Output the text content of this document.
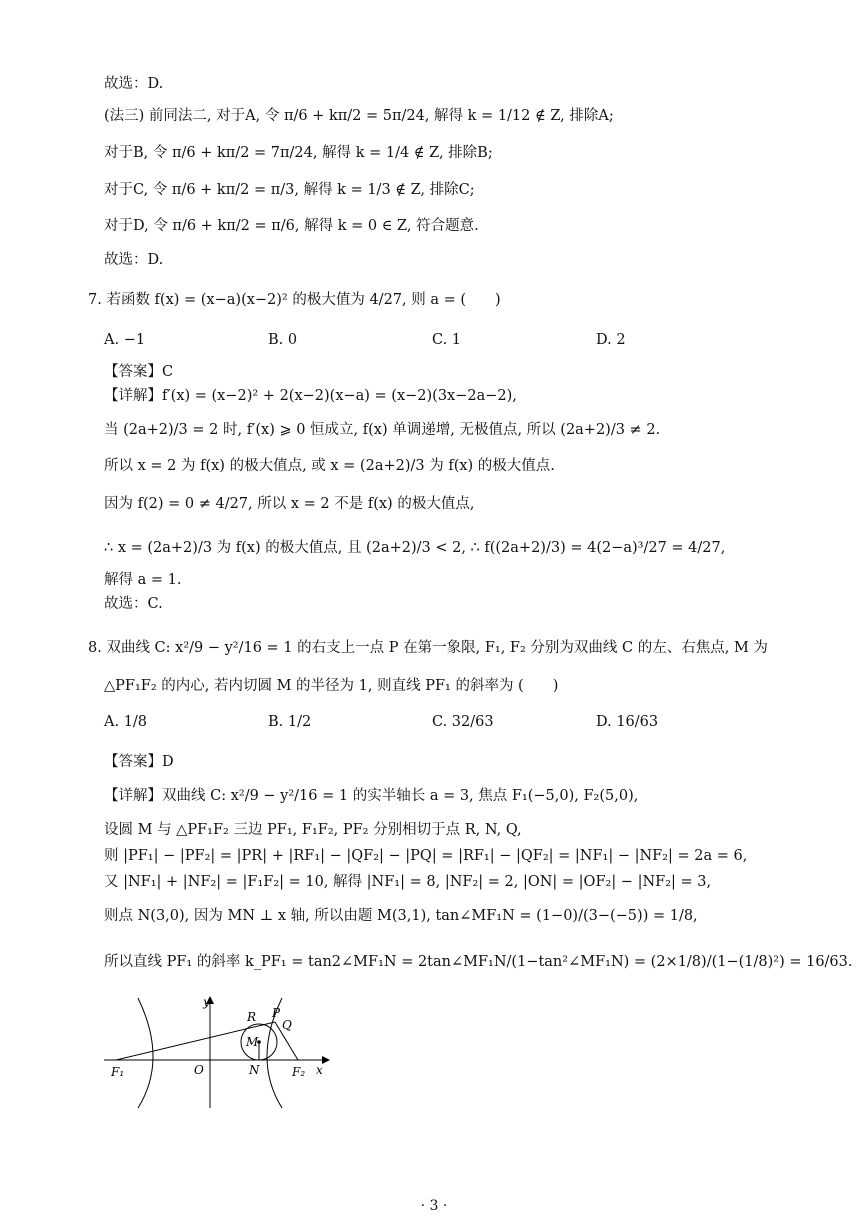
故选：D.
(法三) 前同法二, 对于A, 令 π/6 + kπ/2 = 5π/24, 解得 k = 1/12 ∉ Z, 排除A;
对于B, 令 π/6 + kπ/2 = 7π/24, 解得 k = 1/4 ∉ Z, 排除B;
对于C, 令 π/6 + kπ/2 = π/3, 解得 k = 1/3 ∉ Z, 排除C;
对于D, 令 π/6 + kπ/2 = π/6, 解得 k = 0 ∈ Z, 符合题意.
故选：D.
7. 若函数 f(x) = (x−a)(x−2)² 的极大值为 4/27, 则 a = (　　)
A. −1	B. 0	C. 1	D. 2
【答案】C
【详解】f′(x) = (x−2)² + 2(x−2)(x−a) = (x−2)(3x−2a−2),
当 (2a+2)/3 = 2 时, f′(x) ⩾ 0 恒成立, f(x) 单调递增, 无极值点, 所以 (2a+2)/3 ≠ 2.
所以 x = 2 为 f(x) 的极大值点, 或 x = (2a+2)/3 为 f(x) 的极大值点.
因为 f(2) = 0 ≠ 4/27, 所以 x = 2 不是 f(x) 的极大值点,
∴ x = (2a+2)/3 为 f(x) 的极大值点, 且 (2a+2)/3 < 2, ∴ f((2a+2)/3) = 4(2−a)³/27 = 4/27,
解得 a = 1.
故选：C.
8. 双曲线 C: x²/9 − y²/16 = 1 的右支上一点 P 在第一象限, F₁, F₂ 分别为双曲线 C 的左、右焦点, M 为
△PF₁F₂ 的内心, 若内切圆 M 的半径为 1, 则直线 PF₁ 的斜率为 (　　)
A. 1/8	B. 1/2	C. 32/63	D. 16/63
【答案】D
【详解】双曲线 C: x²/9 − y²/16 = 1 的实半轴长 a = 3, 焦点 F₁(−5,0), F₂(5,0),
设圆 M 与 △PF₁F₂ 三边 PF₁, F₁F₂, PF₂ 分别相切于点 R, N, Q,
则 |PF₁| − |PF₂| = |PR| + |RF₁| − |QF₂| − |PQ| = |RF₁| − |QF₂| = |NF₁| − |NF₂| = 2a = 6,
又 |NF₁| + |NF₂| = |F₁F₂| = 10, 解得 |NF₁| = 8, |NF₂| = 2, |ON| = |OF₂| − |NF₂| = 3,
则点 N(3,0), 因为 MN ⊥ x 轴, 所以由题 M(3,1), tan∠MF₁N = (1−0)/(3−(−5)) = 1/8,
所以直线 PF₁ 的斜率 k_PF₁ = tan2∠MF₁N = 2tan∠MF₁N/(1−tan²∠MF₁N) = (2×1/8)/(1−(1/8)²) = 16/63.
y
x
O	N
F₁	F₂
R P
Q
M
· 3 ·
